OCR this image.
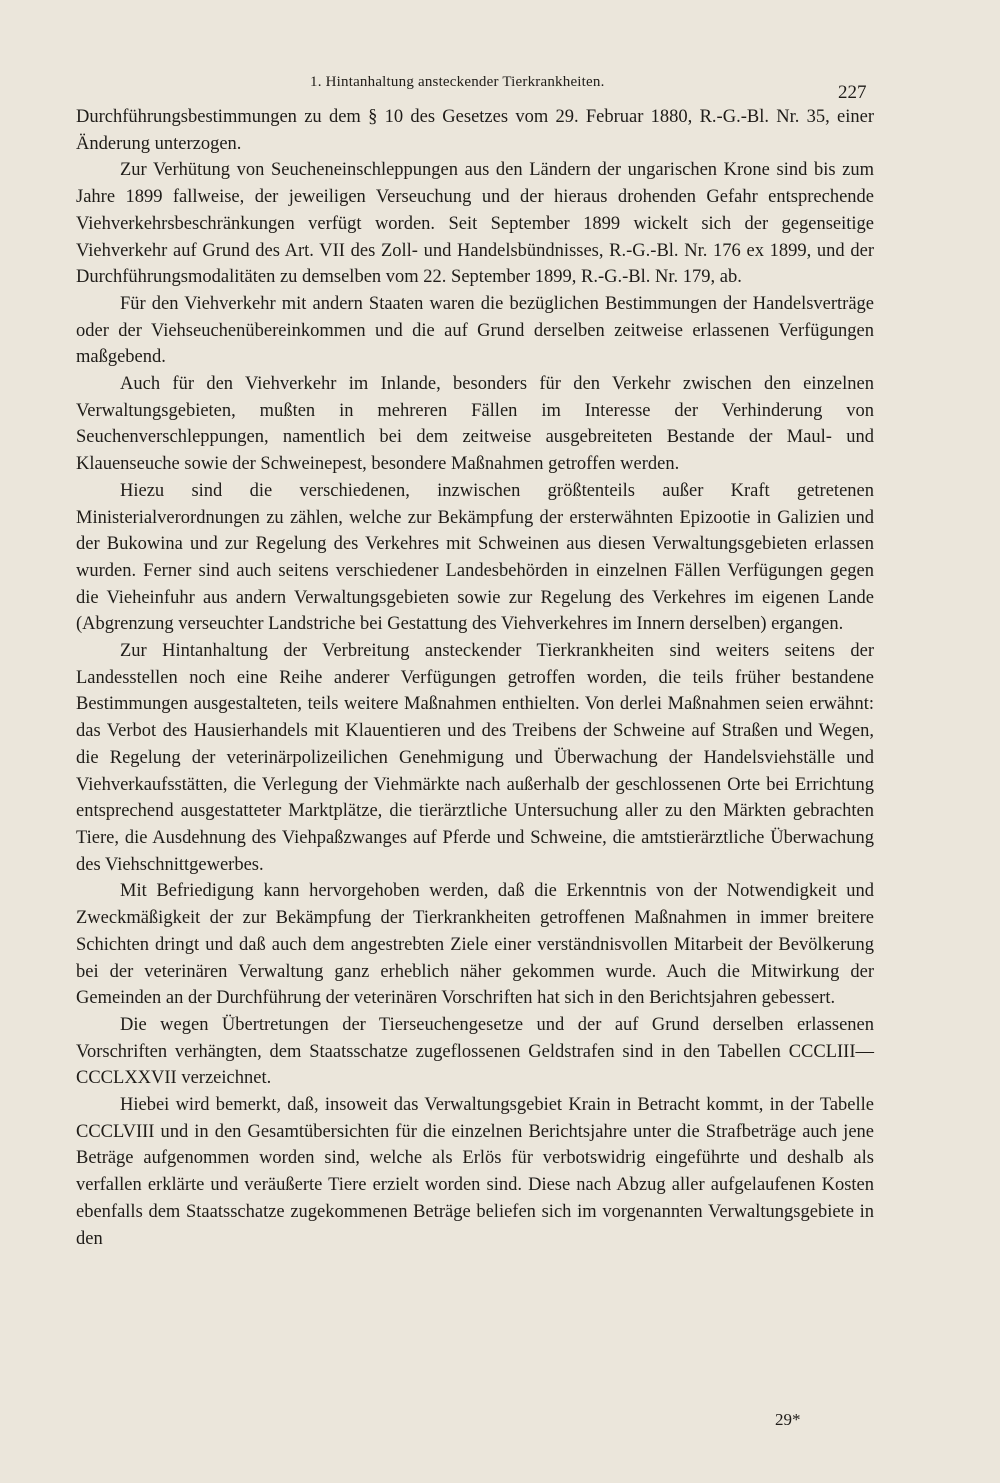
1. Hintanhaltung ansteckender Tierkrankheiten.	227

Durchführungsbestimmungen zu dem § 10 des Gesetzes vom 29. Februar 1880, R.-G.-Bl. Nr. 35, einer Änderung unterzogen.

Zur Verhütung von Seucheneinschleppungen aus den Ländern der ungarischen Krone sind bis zum Jahre 1899 fallweise, der jeweiligen Verseuchung und der hieraus drohenden Gefahr entsprechende Viehverkehrsbeschränkungen verfügt worden. Seit September 1899 wickelt sich der gegenseitige Viehverkehr auf Grund des Art. VII des Zoll- und Handelsbündnisses, R.-G.-Bl. Nr. 176 ex 1899, und der Durchführungsmodalitäten zu demselben vom 22. September 1899, R.-G.-Bl. Nr. 179, ab.

Für den Viehverkehr mit andern Staaten waren die bezüglichen Bestimmungen der Handelsverträge oder der Viehseuchenübereinkommen und die auf Grund derselben zeitweise erlassenen Verfügungen maßgebend.

Auch für den Viehverkehr im Inlande, besonders für den Verkehr zwischen den einzelnen Verwaltungsgebieten, mußten in mehreren Fällen im Interesse der Verhinderung von Seuchenverschleppungen, namentlich bei dem zeitweise ausgebreiteten Bestande der Maul- und Klauenseuche sowie der Schweinepest, besondere Maßnahmen getroffen werden.

Hiezu sind die verschiedenen, inzwischen größtenteils außer Kraft getretenen Ministerialverordnungen zu zählen, welche zur Bekämpfung der ersterwähnten Epizootie in Galizien und der Bukowina und zur Regelung des Verkehres mit Schweinen aus diesen Verwaltungsgebieten erlassen wurden. Ferner sind auch seitens verschiedener Landesbehörden in einzelnen Fällen Verfügungen gegen die Vieheinfuhr aus andern Verwaltungsgebieten sowie zur Regelung des Verkehres im eigenen Lande (Abgrenzung verseuchter Landstriche bei Gestattung des Viehverkehres im Innern derselben) ergangen.

Zur Hintanhaltung der Verbreitung ansteckender Tierkrankheiten sind weiters seitens der Landesstellen noch eine Reihe anderer Verfügungen getroffen worden, die teils früher bestandene Bestimmungen ausgestalteten, teils weitere Maßnahmen enthielten. Von derlei Maßnahmen seien erwähnt: das Verbot des Hausierhandels mit Klauentieren und des Treibens der Schweine auf Straßen und Wegen, die Regelung der veterinärpolizeilichen Genehmigung und Überwachung der Handelsviehställe und Viehverkaufsstätten, die Verlegung der Viehmärkte nach außerhalb der geschlossenen Orte bei Errichtung entsprechend ausgestatteter Marktplätze, die tierärztliche Untersuchung aller zu den Märkten gebrachten Tiere, die Ausdehnung des Viehpaßzwanges auf Pferde und Schweine, die amtstierärztliche Überwachung des Viehschnittgewerbes.

Mit Befriedigung kann hervorgehoben werden, daß die Erkenntnis von der Notwendigkeit und Zweckmäßigkeit der zur Bekämpfung der Tierkrankheiten getroffenen Maßnahmen in immer breitere Schichten dringt und daß auch dem angestrebten Ziele einer verständnisvollen Mitarbeit der Bevölkerung bei der veterinären Verwaltung ganz erheblich näher gekommen wurde. Auch die Mitwirkung der Gemeinden an der Durchführung der veterinären Vorschriften hat sich in den Berichtsjahren gebessert.

Die wegen Übertretungen der Tierseuchengesetze und der auf Grund derselben erlassenen Vorschriften verhängten, dem Staatsschatze zugeflossenen Geldstrafen sind in den Tabellen CCCLIII—CCCLXXVII verzeichnet.

Hiebei wird bemerkt, daß, insoweit das Verwaltungsgebiet Krain in Betracht kommt, in der Tabelle CCCLVIII und in den Gesamtübersichten für die einzelnen Berichtsjahre unter die Strafbeträge auch jene Beträge aufgenommen worden sind, welche als Erlös für verbotswidrig eingeführte und deshalb als verfallen erklärte und veräußerte Tiere erzielt worden sind. Diese nach Abzug aller aufgelaufenen Kosten ebenfalls dem Staatsschatze zugekommenen Beträge beliefen sich im vorgenannten Verwaltungsgebiete in den

29*
